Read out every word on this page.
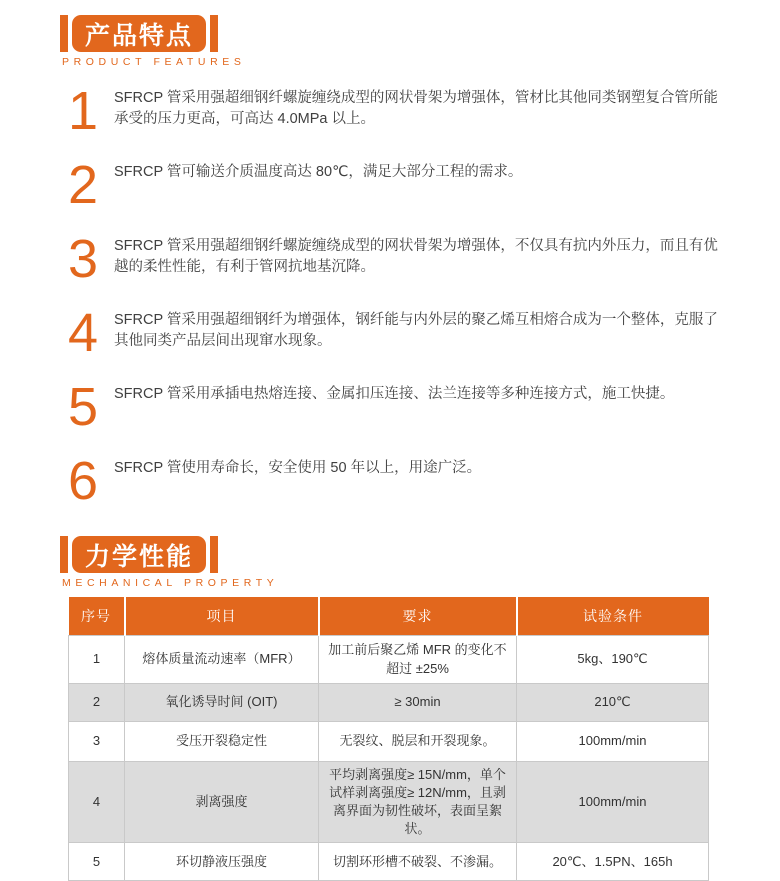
产品特点
PRODUCT FEATURES
1 SFRCP 管采用强超细钢纤螺旋缠绕成型的网状骨架为增强体，管材比其他同类钢塑复合管所能承受的压力更高，可高达 4.0MPa 以上。
2 SFRCP 管可输送介质温度高达 80℃，满足大部分工程的需求。
3 SFRCP 管采用强超细钢纤螺旋缠绕成型的网状骨架为增强体，不仅具有抗内外压力，而且有优越的柔性性能，有利于管网抗地基沉降。
4 SFRCP 管采用强超细钢纤为增强体，钢纤能与内外层的聚乙烯互相熔合成为一个整体，克服了其他同类产品层间出现窜水现象。
5 SFRCP 管采用承插电热熔连接、金属扣压连接、法兰连接等多种连接方式，施工快捷。
6 SFRCP 管使用寿命长，安全使用 50 年以上，用途广泛。
力学性能
MECHANICAL PROPERTY
序号	项目	要求	试验条件
1	熔体质量流动速率（MFR）	加工前后聚乙烯 MFR 的变化不超过 ±25%	5kg、190℃
2	氧化诱导时间 (OIT)	≥ 30min	210℃
3	受压开裂稳定性	无裂纹、脱层和开裂现象。	100mm/min
4	剥离强度	平均剥离强度≥ 15N/mm，单个试样剥离强度≥ 12N/mm，且剥离界面为韧性破坏，表面呈絮状。	100mm/min
5	环切静液压强度	切割环形槽不破裂、不渗漏。	20℃、1.5PN、165h
